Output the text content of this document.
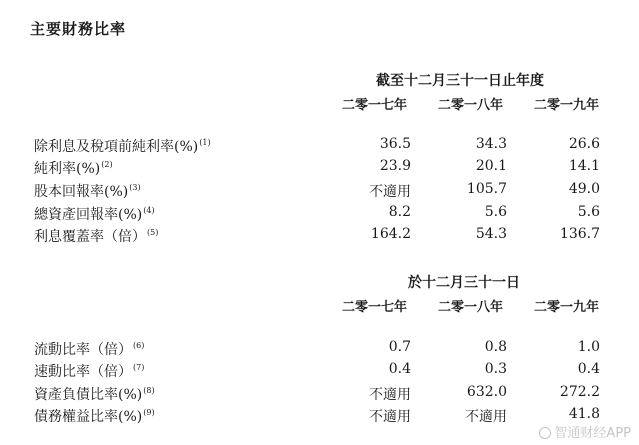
主要財務比率
截至十二月三十一日止年度
二零一七年	二零一八年	二零一九年
除利息及稅項前純利率(%)$^{(1)}$	36.5	34.3	26.6
純利率(%)$^{(2)}$	23.9	20.1	14.1
股本回報率(%)$^{(3)}$	不適用	105.7	49.0
總資產回報率(%)$^{(4)}$	8.2	5.6	5.6
利息覆蓋率（倍）$^{(5)}$	164.2	54.3	136.7
於十二月三十一日
二零一七年	二零一八年	二零一九年
流動比率（倍）$^{(6)}$	0.7	0.8	1.0
速動比率（倍）$^{(7)}$	0.4	0.3	0.4
資產負債比率(%)$^{(8)}$	不適用	632.0	272.2
債務權益比率(%)$^{(9)}$	不適用	不適用	41.8
智通财经APP
